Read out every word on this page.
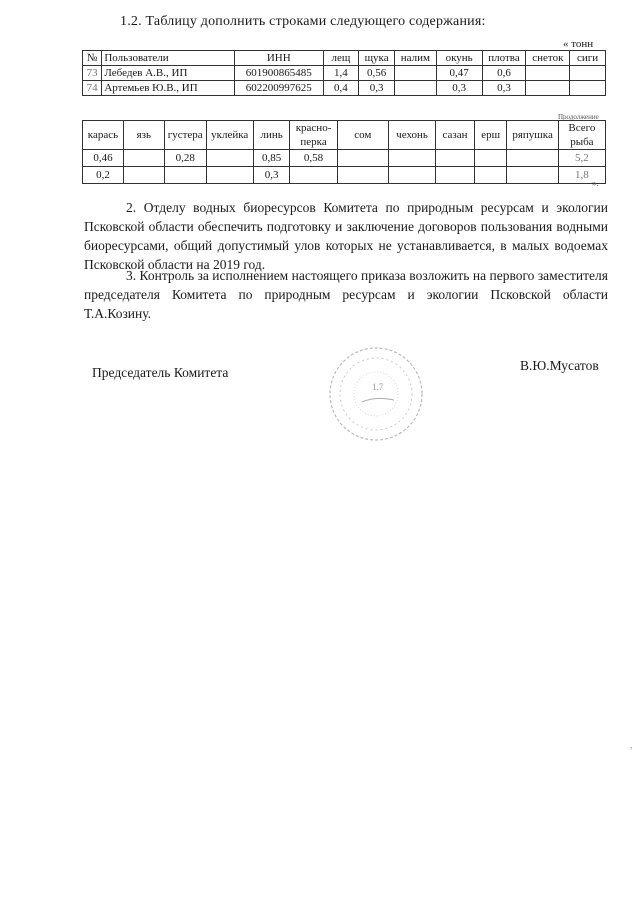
1.2. Таблицу дополнить строками следующего содержания:
« тонн
№	Пользователи	ИНН	лещ	щука	налим	окунь	плотва	снеток	сиги
73	Лебедев А.В., ИП	601900865485	1,4	0,56		0,47	0,6		
74	Артемьев Ю.В., ИП	602200997625	0,4	0,3		0,3	0,3		
Продолжение
карась	язь	густера	уклейка	линь	красно-перка	сом	чехонь	сазан	ерш	ряпушка	Всего рыба
0,46		0,28		0,85	0,58						5,2
0,2				0,3							1,8
».
2. Отделу водных биоресурсов Комитета по природным ресурсам и экологии Псковской области обеспечить подготовку и заключение договоров пользования водными биоресурсами, общий допустимый улов которых не устанавливается, в малых водоемах Псковской области на 2019 год.
3. Контроль за исполнением настоящего приказа возложить на первого заместителя председателя Комитета по природным ресурсам и экологии Псковской области Т.А.Козину.
Председатель Комитета	В.Ю.Мусатов
1.7
,
